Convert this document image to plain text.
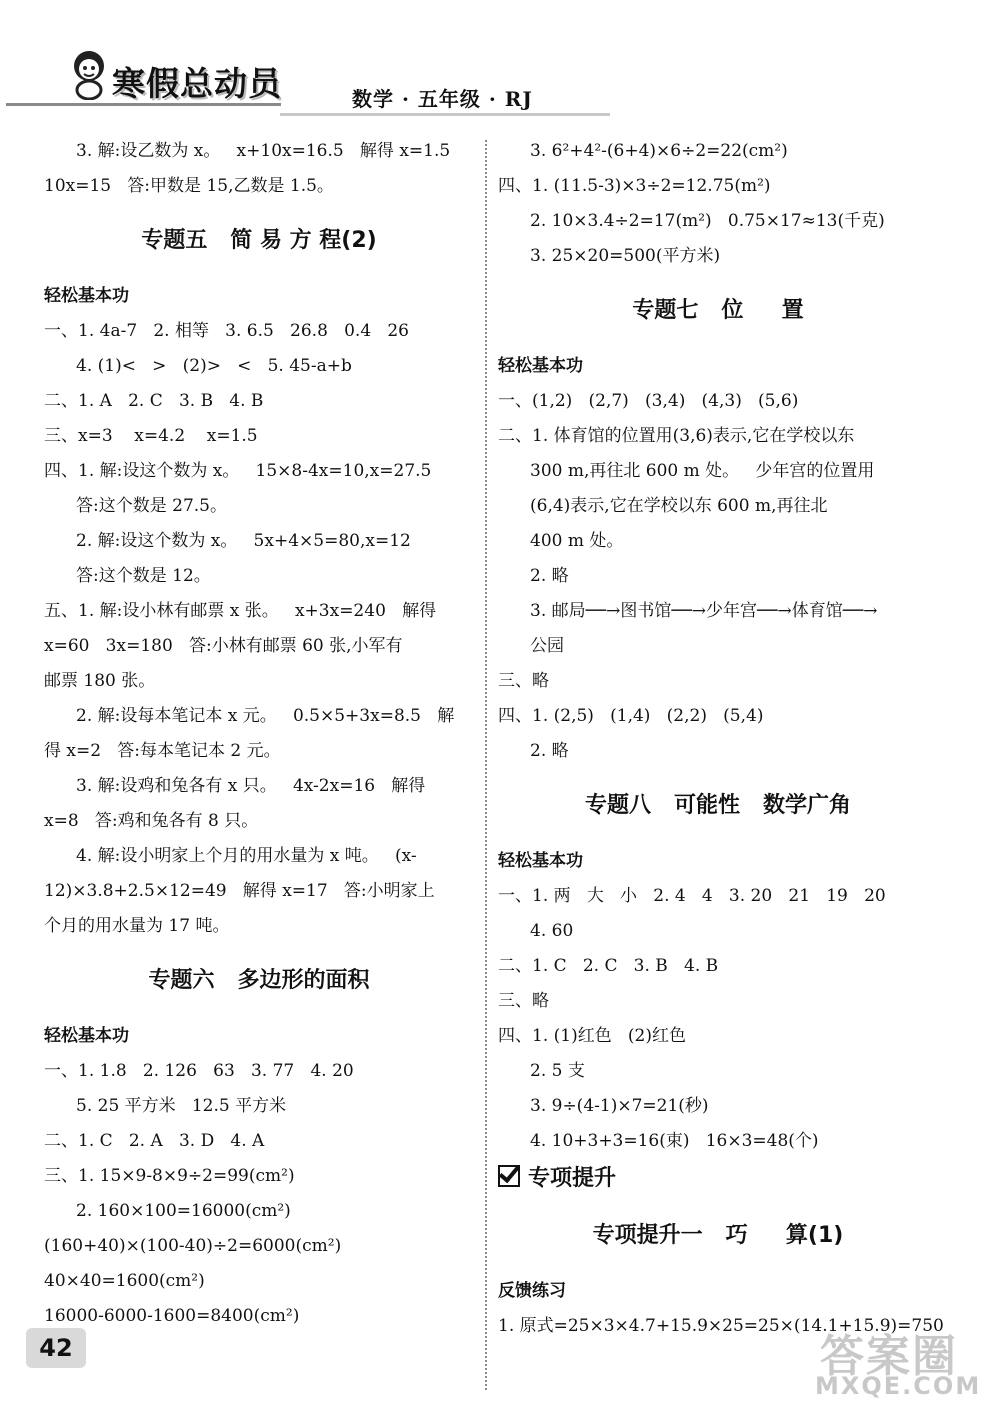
寒假总动员	数学 · 五年级 · RJ
3. 解:设乙数为 x。   x+10x=16.5   解得 x=1.5
10x=15   答:甲数是 15,乙数是 1.5。
专题五   简 易 方 程(2)
轻松基本功
一、1. 4a-7   2. 相等   3. 6.5   26.8   0.4   26
4. (1)<   >   (2)>   <   5. 45-a+b
二、1. A   2. C   3. B   4. B
三、x=3    x=4.2    x=1.5
四、1. 解:设这个数为 x。   15×8-4x=10,x=27.5
答:这个数是 27.5。
2. 解:设这个数为 x。   5x+4×5=80,x=12
答:这个数是 12。
五、1. 解:设小林有邮票 x 张。   x+3x=240   解得
x=60   3x=180   答:小林有邮票 60 张,小军有
邮票 180 张。
2. 解:设每本笔记本 x 元。   0.5×5+3x=8.5   解
得 x=2   答:每本笔记本 2 元。
3. 解:设鸡和兔各有 x 只。   4x-2x=16   解得
x=8   答:鸡和兔各有 8 只。
4. 解:设小明家上个月的用水量为 x 吨。   (x-
12)×3.8+2.5×12=49   解得 x=17   答:小明家上
个月的用水量为 17 吨。
专题六   多边形的面积
轻松基本功
一、1. 1.8   2. 126   63   3. 77   4. 20
5. 25 平方米   12.5 平方米
二、1. C   2. A   3. D   4. A
三、1. 15×9-8×9÷2=99(cm²)
2. 160×100=16000(cm²)
(160+40)×(100-40)÷2=6000(cm²)
40×40=1600(cm²)
16000-6000-1600=8400(cm²)
3. 6²+4²-(6+4)×6÷2=22(cm²)
四、1. (11.5-3)×3÷2=12.75(m²)
2. 10×3.4÷2=17(m²)   0.75×17≈13(千克)
3. 25×20=500(平方米)
专题七   位     置
轻松基本功
一、(1,2)   (2,7)   (3,4)   (4,3)   (5,6)
二、1. 体育馆的位置用(3,6)表示,它在学校以东
300 m,再往北 600 m 处。   少年宫的位置用
(6,4)表示,它在学校以东 600 m,再往北
400 m 处。
2. 略
3. 邮局──→图书馆──→少年宫──→体育馆──→
公园
三、略
四、1. (2,5)   (1,4)   (2,2)   (5,4)
2. 略
专题八   可能性   数学广角
轻松基本功
一、1. 两   大   小   2. 4   4   3. 20   21   19   20
4. 60
二、1. C   2. C   3. B   4. B
三、略
四、1. (1)红色   (2)红色
2. 5 支
3. 9÷(4-1)×7=21(秒)
4. 10+3+3=16(束)   16×3=48(个)
专项提升
专项提升一   巧     算(1)
反馈练习
1. 原式=25×3×4.7+15.9×25=25×(14.1+15.9)=750
42	答案圈
MXQE.COM
